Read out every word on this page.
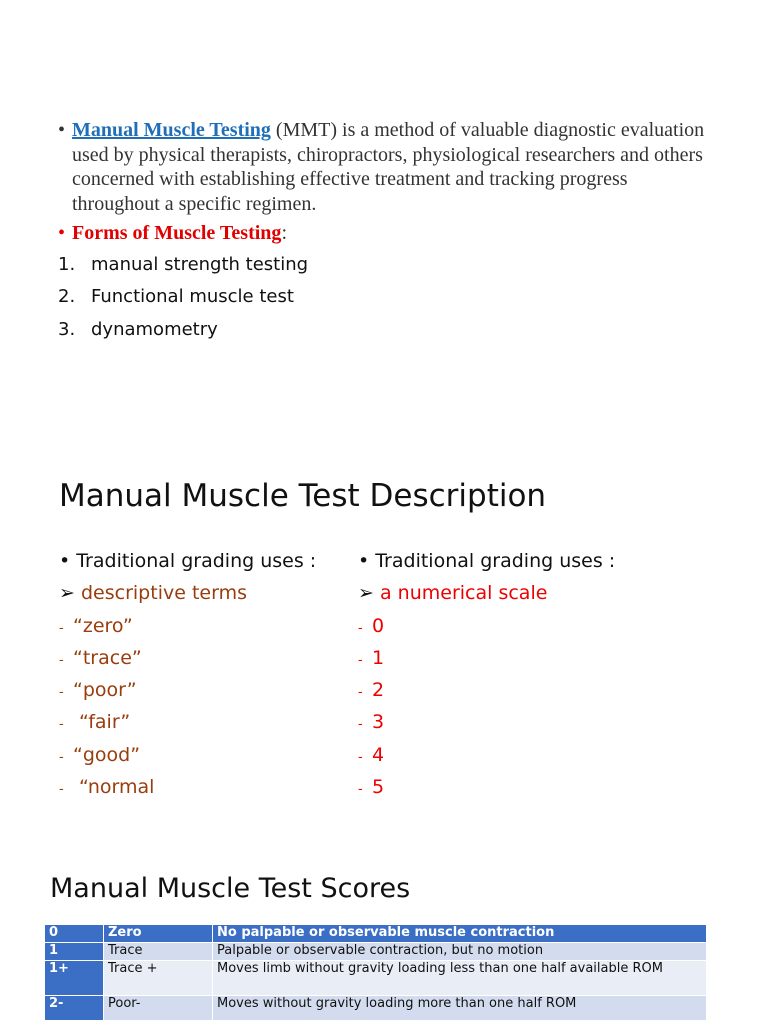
• Manual Muscle Testing (MMT) is a method of valuable diagnostic evaluation used by physical therapists, chiropractors, physiological researchers and others concerned with establishing effective treatment and tracking progress throughout a specific regimen.
• Forms of Muscle Testing:
1. manual strength testing
2. Functional muscle test
3. dynamometry
Manual Muscle Test Description
• Traditional grading uses :
➢ descriptive terms
- “zero”
- “trace”
- “poor”
- “fair”
- “good”
- “normal
• Traditional grading uses :
➢ a numerical scale
- 0
- 1
- 2
- 3
- 4
- 5
Manual Muscle Test Scores
0	Zero	No palpable or observable muscle contraction
1	Trace	Palpable or observable contraction, but no motion
1+	Trace +	Moves limb without gravity loading less than one half available ROM
2-	Poor-	Moves without gravity loading more than one half ROM
